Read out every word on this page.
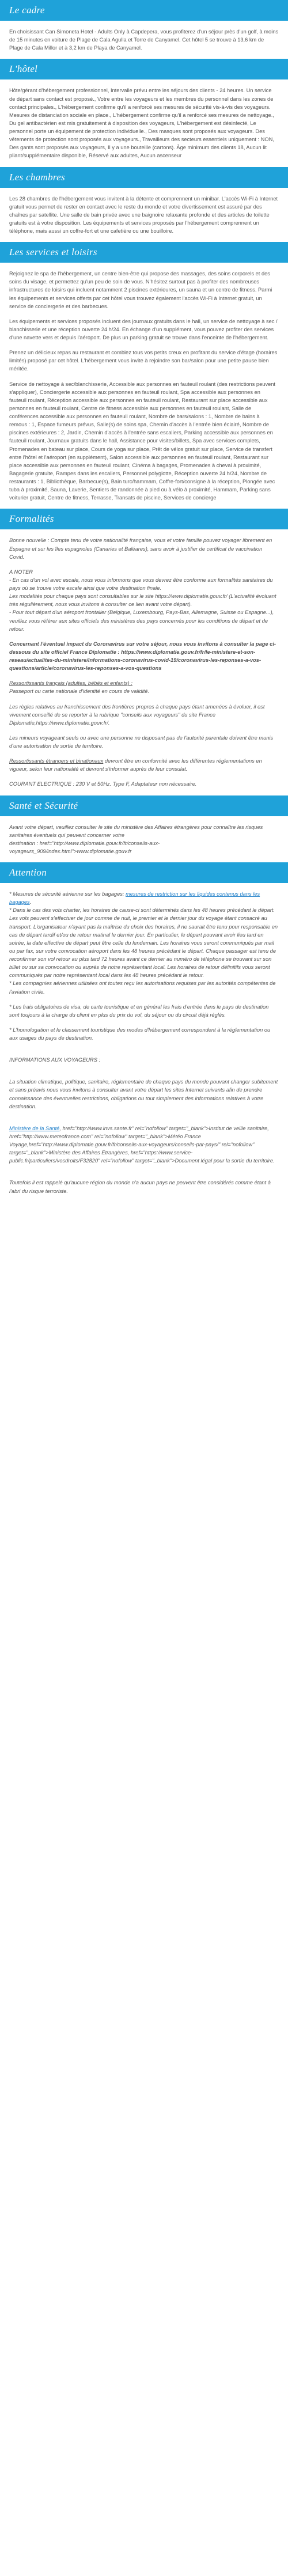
Le cadre
En choisissant Can Simoneta Hotel - Adults Only à Capdepera, vous profiterez d'un séjour près d'un golf, à moins de 15 minutes en voiture de Plage de Cala Agulla et Torre de Canyamel. Cet hôtel 5 se trouve à 13,6 km de Plage de Cala Millor et à 3,2 km de Playa de Canyamel.
L'hôtel
Hôte/gérant d'hébergement professionnel, Intervalle prévu entre les séjours des clients - 24 heures. Un service de départ sans contact est proposé., Votre entre les voyageurs et les membres du personnel dans les zones de contact principales., L'hébergement confirme qu'il a renforcé ses mesures de sécurité vis-à-vis des voyageurs. Mesures de distanciation sociale en place., L'hébergement confirme qu'il a renforcé ses mesures de nettoyage., Du gel antibactérien est mis gratuitement à disposition des voyageurs, L'hébergement est désinfecté, Le personnel porte un équipement de protection individuelle., Des masques sont proposés aux voyageurs. Des vêtements de protection sont proposés aux voyageurs., Travailleurs des secteurs essentiels uniquement : NON, Des gants sont proposés aux voyageurs, Il y a une bouteille (cartons). Âge minimum des clients 18, Aucun lit pliant/supplémentaire disponible, Réservé aux adultes, Aucun ascenseur
Les chambres
Les 28 chambres de l'hébergement vous invitent à la détente et comprennent un minibar. L'accès Wi-Fi à Internet gratuit vous permet de rester en contact avec le reste du monde et votre divertissement est assuré par des chaînes par satellite. Une salle de bain privée avec une baignoire relaxante profonde et des articles de toilette gratuits est à votre disposition. Les équipements et services proposés par l'hébergement comprennent un téléphone, mais aussi un coffre-fort et une cafetière ou une bouilloire.
Les services et loisirs
Rejoignez le spa de l'hébergement, un centre bien-être qui propose des massages, des soins corporels et des soins du visage, et permettez qu'un peu de soin de vous. N'hésitez surtout pas à profiter des nombreuses infrastructures de loisirs qui incluent notamment 2 piscines extérieures, un sauna et un centre de fitness. Parmi les équipements et services offerts par cet hôtel vous trouvez également l'accès Wi-Fi à Internet gratuit, un service de conciergerie et des barbecues.
Les équipements et services proposés incluent des journaux gratuits dans le hall, un service de nettoyage à sec / blanchisserie et une réception ouverte 24 h/24. En échange d'un supplément, vous pouvez profiter des services d'une navette vers et depuis l'aéroport. De plus un parking gratuit se trouve dans l'enceinte de l'hébergement.
Prenez un délicieux repas au restaurant et comblez tous vos petits creux en profitant du service d'étage (horaires limités) proposé par cet hôtel. L'hébergement vous invite à rejoindre son bar/salon pour une petite pause bien méritée.
Service de nettoyage à sec/blanchisserie, Accessible aux personnes en fauteuil roulant (des restrictions peuvent s'appliquer), Conciergerie accessible aux personnes en fauteuil roulant, Spa accessible aux personnes en fauteuil roulant, Réception accessible aux personnes en fauteuil roulant, Restaurant sur place accessible aux personnes en fauteuil roulant, Centre de fitness accessible aux personnes en fauteuil roulant, Salle de conférences accessible aux personnes en fauteuil roulant, Nombre de bars/salons : 1, Nombre de bains à remous : 1, Espace fumeurs prévus, Salle(s) de soins spa, Chemin d'accès à l'entrée bien éclairé, Nombre de piscines extérieures : 2, Jardin, Chemin d'accès à l'entrée sans escaliers, Parking accessible aux personnes en fauteuil roulant, Journaux gratuits dans le hall, Assistance pour visites/billets, Spa avec services complets, Promenades en bateau sur place, Cours de yoga sur place, Prêt de vélos gratuit sur place, Service de transfert entre l'hôtel et l'aéroport (en supplément), Salon accessible aux personnes en fauteuil roulant, Restaurant sur place accessible aux personnes en fauteuil roulant, Cinéma à bagages, Promenades à cheval à proximité, Bagagerie gratuite, Rampes dans les escaliers, Personnel polyglotte, Réception ouverte 24 h/24, Nombre de restaurants : 1, Bibliothèque, Barbecue(s), Bain turc/hammam, Coffre-fort/consigne à la réception, Plongée avec tuba à proximité, Sauna, Laverie, Sentiers de randonnée à pied ou à vélo à proximité, Hammam, Parking sans voiturier gratuit, Centre de fitness, Terrasse, Transats de piscine, Services de concierge
Formalités
Bonne nouvelle : Compte tenu de votre nationalité française, vous et votre famille pouvez voyager librement en Espagne et sur les îles espagnoles (Canaries et Baléares), sans avoir à justifier de certificat de vaccination Covid.
A NOTER
- En cas d'un vol avec escale, nous vous informons que vous devrez être conforme aux formalités sanitaires du pays où se trouve votre escale ainsi que votre destination finale.
Les modalités pour chaque pays sont consultables sur le site https://www.diplomatie.gouv.fr/ (L'actualité évoluant très régulièrement, nous vous invitons à consulter ce lien avant votre départ).
- Pour tout départ d'un aéroport frontalier (Belgique, Luxembourg, Pays-Bas, Allemagne, Suisse ou Espagne...), veuillez vous référer aux sites officiels des ministères des pays concernés pour les conditions de départ et de retour.
Concernant l'éventuel impact du Coronavirus sur votre séjour, nous vous invitons à consulter la page ci-dessous du site officiel France Diplomatie : https://www.diplomatie.gouv.fr/fr/le-ministere-et-son-reseau/actualites-du-ministere/informations-coronavirus-covid-19/coronavirus-les-reponses-a-vos-questions/article/coronavirus-les-reponses-a-vos-questions
Ressortissants français (adultes, bébés et enfants) :
Passeport ou carte nationale d'identité en cours de validité.
Les règles relatives au franchissement des frontières propres à chaque pays étant amenées à évoluer, il est vivement conseillé de se reporter à la rubrique "conseils aux voyageurs" du site France Diplomatie,https://www.diplomatie.gouv.fr/.
Les mineurs voyageant seuls ou avec une personne ne disposant pas de l'autorité parentale doivent être munis d'une autorisation de sortie de territoire.
Ressortissants étrangers et binationaux devront être en conformité avec les différentes réglementations en vigueur, selon leur nationalité et devront s'informer auprès de leur consulat.
COURANT ELECTRIQUE : 230 V et 50Hz. Type F, Adaptateur non nécessaire.
Santé et Sécurité
Avant votre départ, veuillez consulter le site du ministère des Affaires étrangères pour connaître les risques sanitaires éventuels qui peuvent concerner votre
destination : href="http://www.diplomatie.gouv.fr/fr/conseils-aux-voyageurs_909/index.html">www.diplomatie.gouv.fr
Attention
* Mesures de sécurité aérienne sur les bagages: mesures de restriction sur les liquides contenus dans les bagages.
* Dans le cas des vols charter, les horaires de cause-ci sont déterminés dans les 48 heures précédant le départ. Les vols peuvent s'effectuer de jour comme de nuit, le premier et le dernier jour du voyage étant consacré au transport. L'organisateur n'ayant pas la maîtrise du choix des horaires, il ne saurait être tenu pour responsable en cas de départ tardif et/ou de retour matinal le dernier jour. En particulier, le départ pouvant avoir lieu tard en soirée, la date effective de départ peut être celle du lendemain. Les horaires vous seront communiqués par mail ou par fax, sur votre convocation aéroport dans les 48 heures précédant le départ. Chaque passager est tenu de reconfirmer son vol retour au plus tard 72 heures avant ce dernier au numéro de téléphone se trouvant sur son billet ou sur sa convocation ou auprès de notre représentant local. Les horaires de retour définitifs vous seront communiqués par notre représentant local dans les 48 heures précédant le retour.
* Les compagnies aériennes utilisées ont toutes reçu les autorisations requises par les autorités compétentes de l'aviation civile.
* Les frais obligatoires de visa, de carte touristique et en général les frais d'entrée dans le pays de destination sont toujours à la charge du client en plus du prix du vol, du séjour ou du circuit déjà réglés.
* L'homologation et le classement touristique des modes d'hébergement correspondent à la réglementation ou aux usages du pays de destination.
INFORMATIONS AUX VOYAGEURS :
La situation climatique, politique, sanitaire, réglementaire de chaque pays du monde pouvant changer subitement et sans préavis nous vous invitons à consulter avant votre départ les sites Internet suivants afin de prendre connaissance des éventuelles restrictions, obligations ou tout simplement des informations relatives à votre destination.
Ministère de la Santé, href="http://www.invs.sante.fr" rel="nofollow" target="_blank">Institut de veille sanitaire, href="http://www.meteofrance.com" rel="nofollow" target="_blank">Météo France Voyage,href="http://www.diplomatie.gouv.fr/fr/conseils-aux-voyageurs/conseils-par-pays/" rel="nofollow" target="_blank">Ministère des Affaires Étrangères, href="https://www.service-public.fr/particuliers/vosdroits/F32820" rel="nofollow" target="_blank">Document légal pour la sortie du territoire.
Toutefois il est rappelé qu'aucune région du monde n'a aucun pays ne peuvent être considérés comme étant à l'abri du risque terroriste.
